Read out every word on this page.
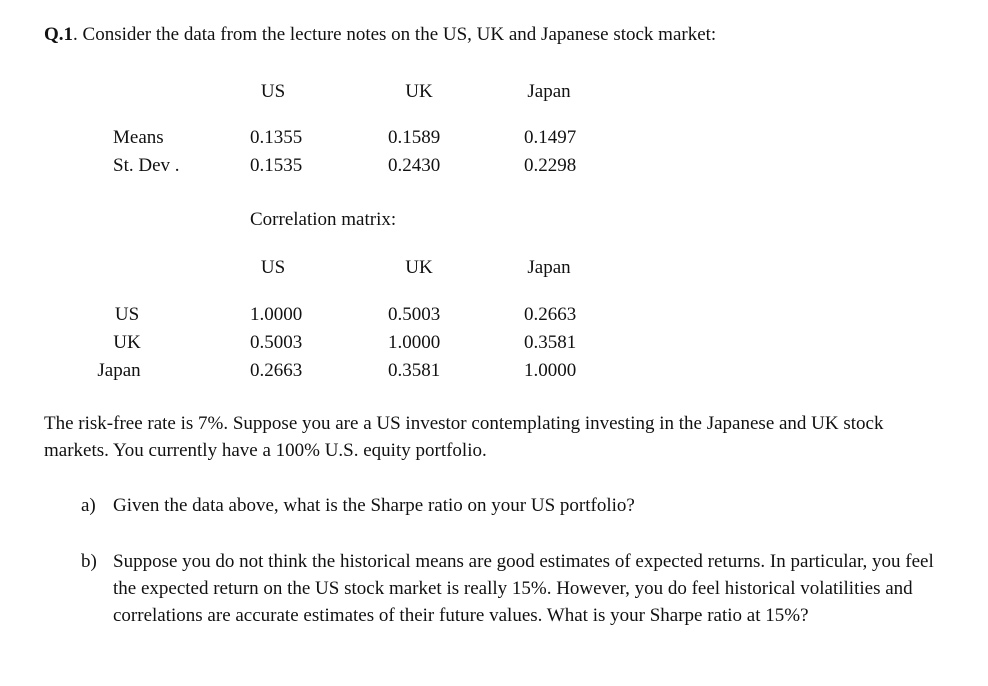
Q.1. Consider the data from the lecture notes on the US, UK and Japanese stock market:
US	UK	Japan
Means	0.1355	0.1589	0.1497
St. Dev .	0.1535	0.2430	0.2298
Correlation matrix:
US	UK	Japan
US	1.0000	0.5003	0.2663
UK	0.5003	1.0000	0.3581
Japan	0.2663	0.3581	1.0000
The risk-free rate is 7%. Suppose you are a US investor contemplating investing in the Japanese and UK stock markets. You currently have a 100% U.S. equity portfolio.
a) Given the data above, what is the Sharpe ratio on your US portfolio?
b) Suppose you do not think the historical means are good estimates of expected returns. In particular, you feel the expected return on the US stock market is really 15%. However, you do feel historical volatilities and correlations are accurate estimates of their future values. What is your Sharpe ratio at 15%?
